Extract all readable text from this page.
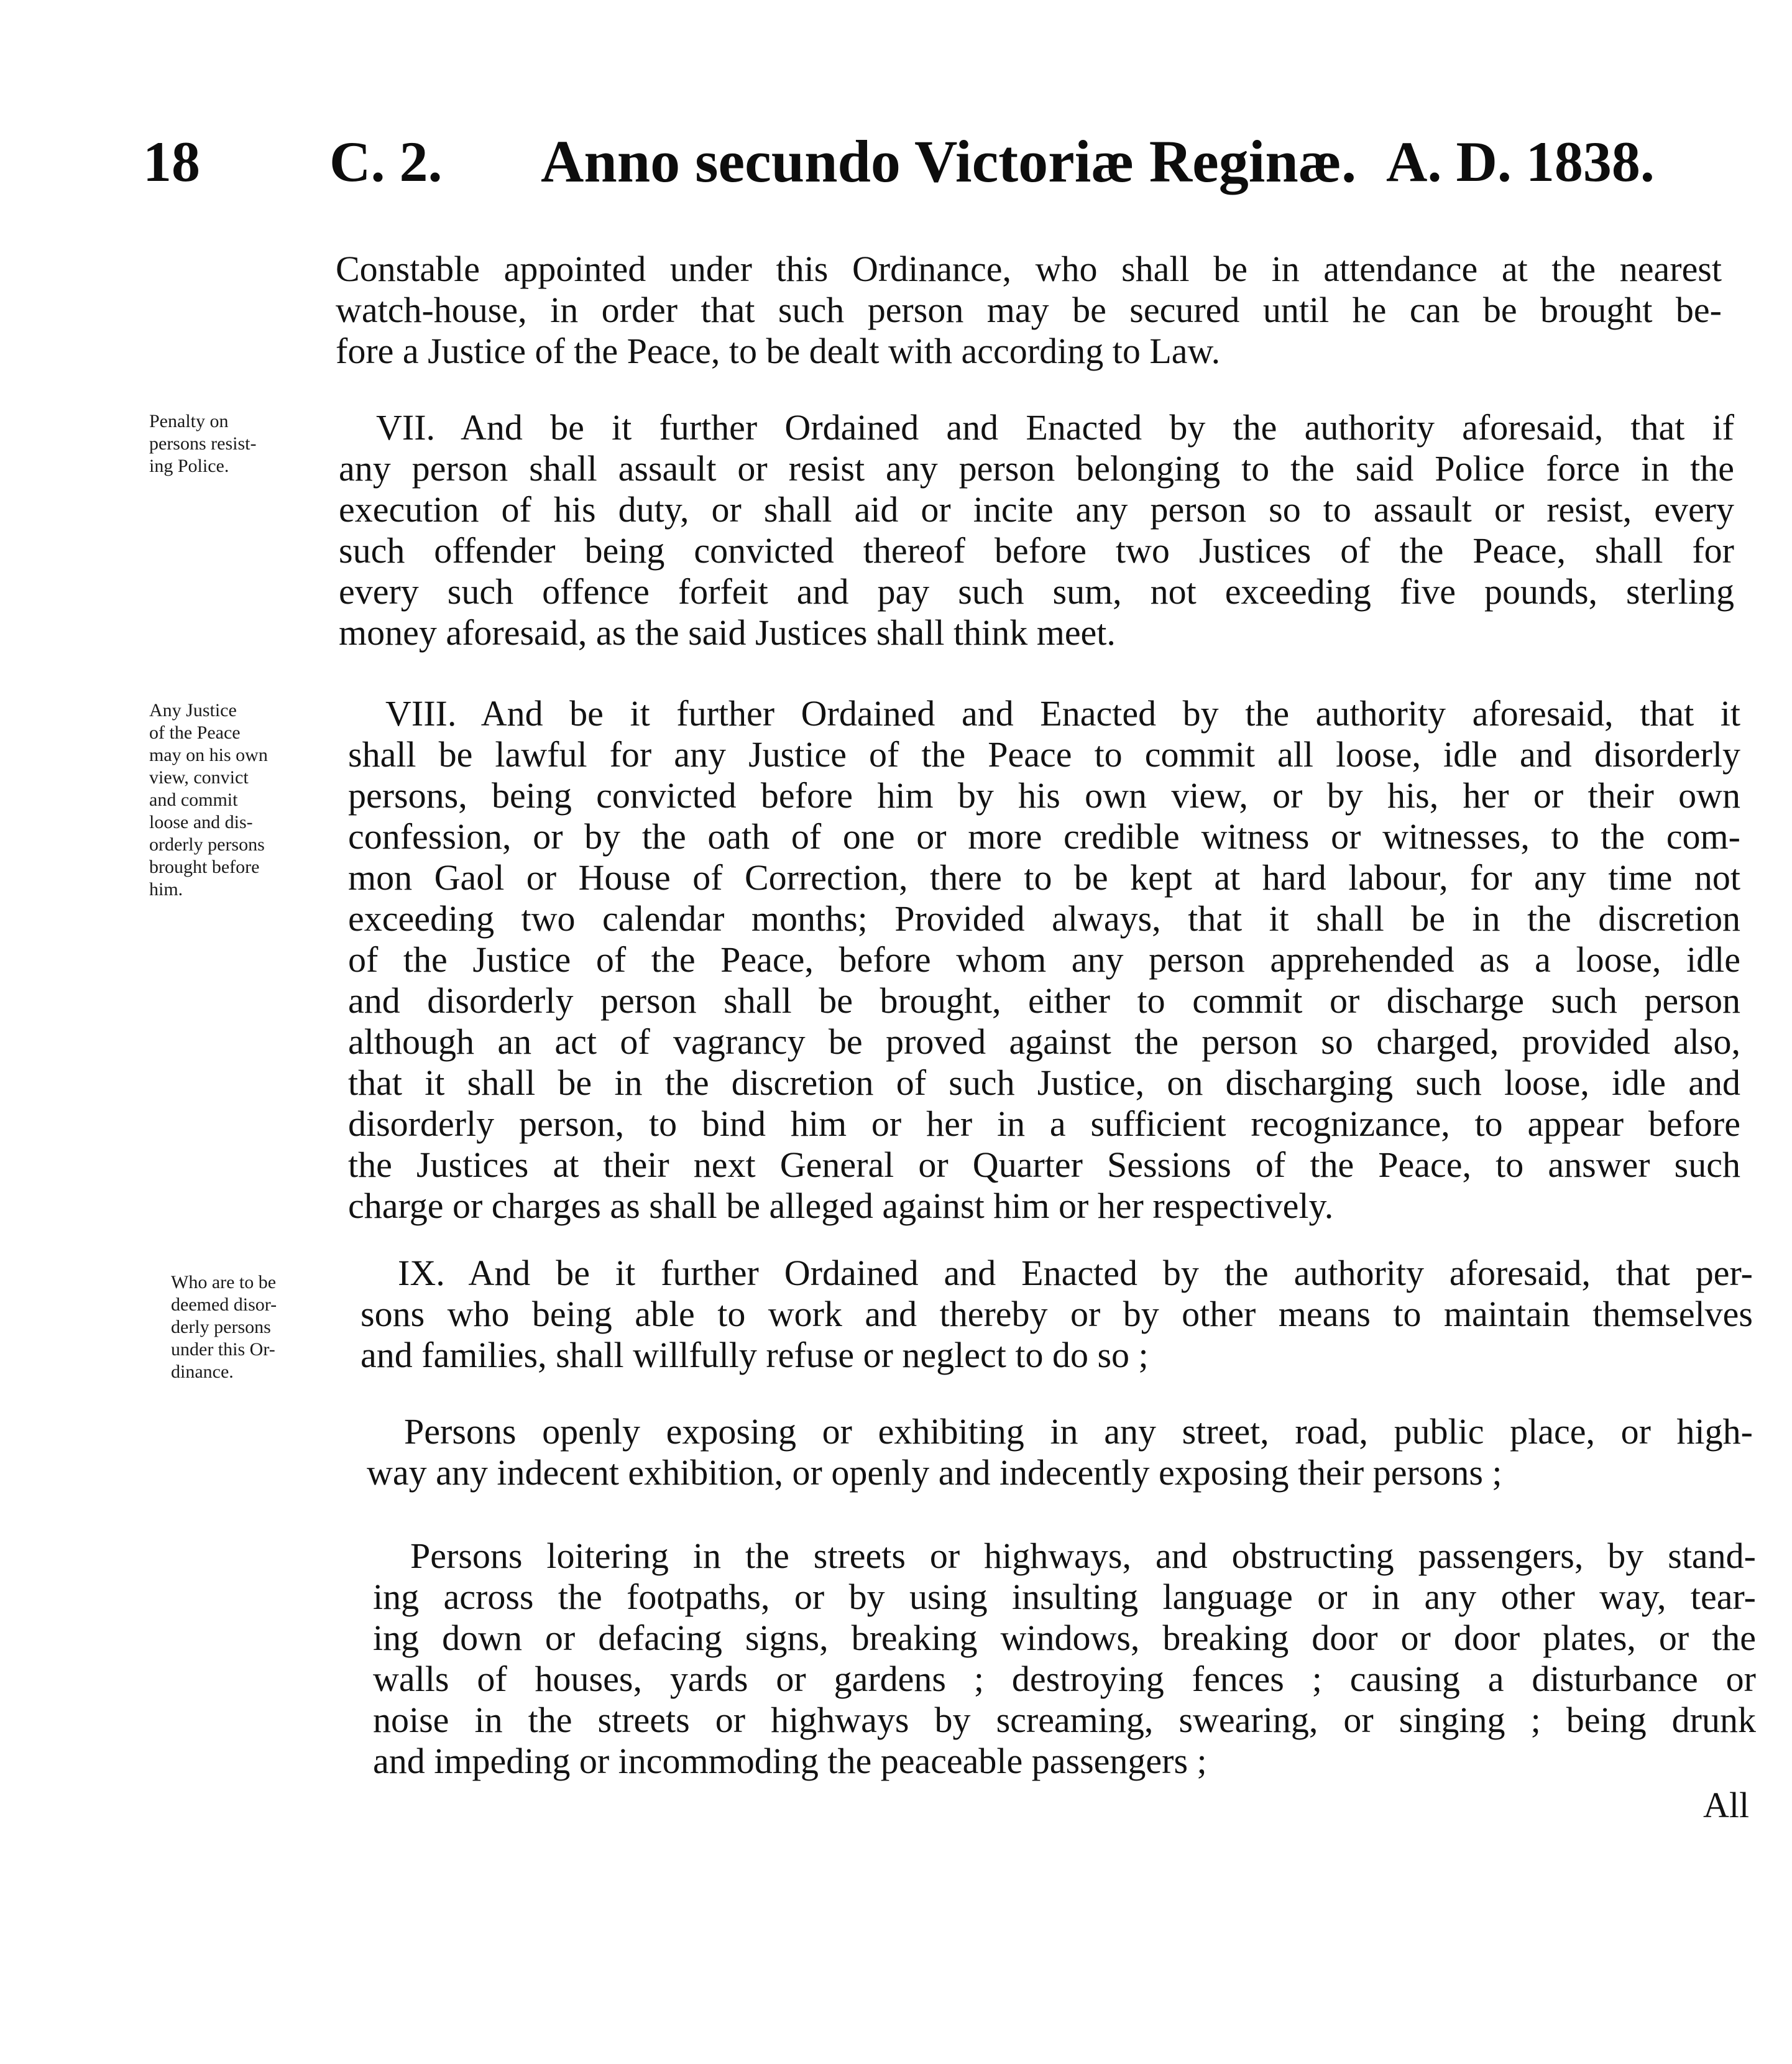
18 C. 2. Anno secundo Victoriæ Reginæ. A. D. 1838.
Constable appointed under this Ordinance, who shall be in attendance at the nearest
watch-house, in order that such person may be secured until he can be brought be-
fore a Justice of the Peace, to be dealt with according to Law.
Penalty on
persons resist-
ing Police.
VII. And be it further Ordained and Enacted by the authority aforesaid, that if
any person shall assault or resist any person belonging to the said Police force in the
execution of his duty, or shall aid or incite any person so to assault or resist, every
such offender being convicted thereof before two Justices of the Peace, shall for
every such offence forfeit and pay such sum, not exceeding five pounds, sterling
money aforesaid, as the said Justices shall think meet.
Any Justice
of the Peace
may on his own
view, convict
and commit
loose and dis-
orderly persons
brought before
him.
VIII. And be it further Ordained and Enacted by the authority aforesaid, that it
shall be lawful for any Justice of the Peace to commit all loose, idle and disorderly
persons, being convicted before him by his own view, or by his, her or their own
confession, or by the oath of one or more credible witness or witnesses, to the com-
mon Gaol or House of Correction, there to be kept at hard labour, for any time not
exceeding two calendar months; Provided always, that it shall be in the discretion
of the Justice of the Peace, before whom any person apprehended as a loose, idle
and disorderly person shall be brought, either to commit or discharge such person
although an act of vagrancy be proved against the person so charged, provided also,
that it shall be in the discretion of such Justice, on discharging such loose, idle and
disorderly person, to bind him or her in a sufficient recognizance, to appear before
the Justices at their next General or Quarter Sessions of the Peace, to answer such
charge or charges as shall be alleged against him or her respectively.
Who are to be
deemed disor-
derly persons
under this Or-
dinance.
IX. And be it further Ordained and Enacted by the authority aforesaid, that per-
sons who being able to work and thereby or by other means to maintain themselves
and families, shall willfully refuse or neglect to do so ;
Persons openly exposing or exhibiting in any street, road, public place, or high-
way any indecent exhibition, or openly and indecently exposing their persons ;
Persons loitering in the streets or highways, and obstructing passengers, by stand-
ing across the footpaths, or by using insulting language or in any other way, tear-
ing down or defacing signs, breaking windows, breaking door or door plates, or the
walls of houses, yards or gardens ; destroying fences ; causing a disturbance or
noise in the streets or highways by screaming, swearing, or singing ; being drunk
and impeding or incommoding the peaceable passengers ;
All
